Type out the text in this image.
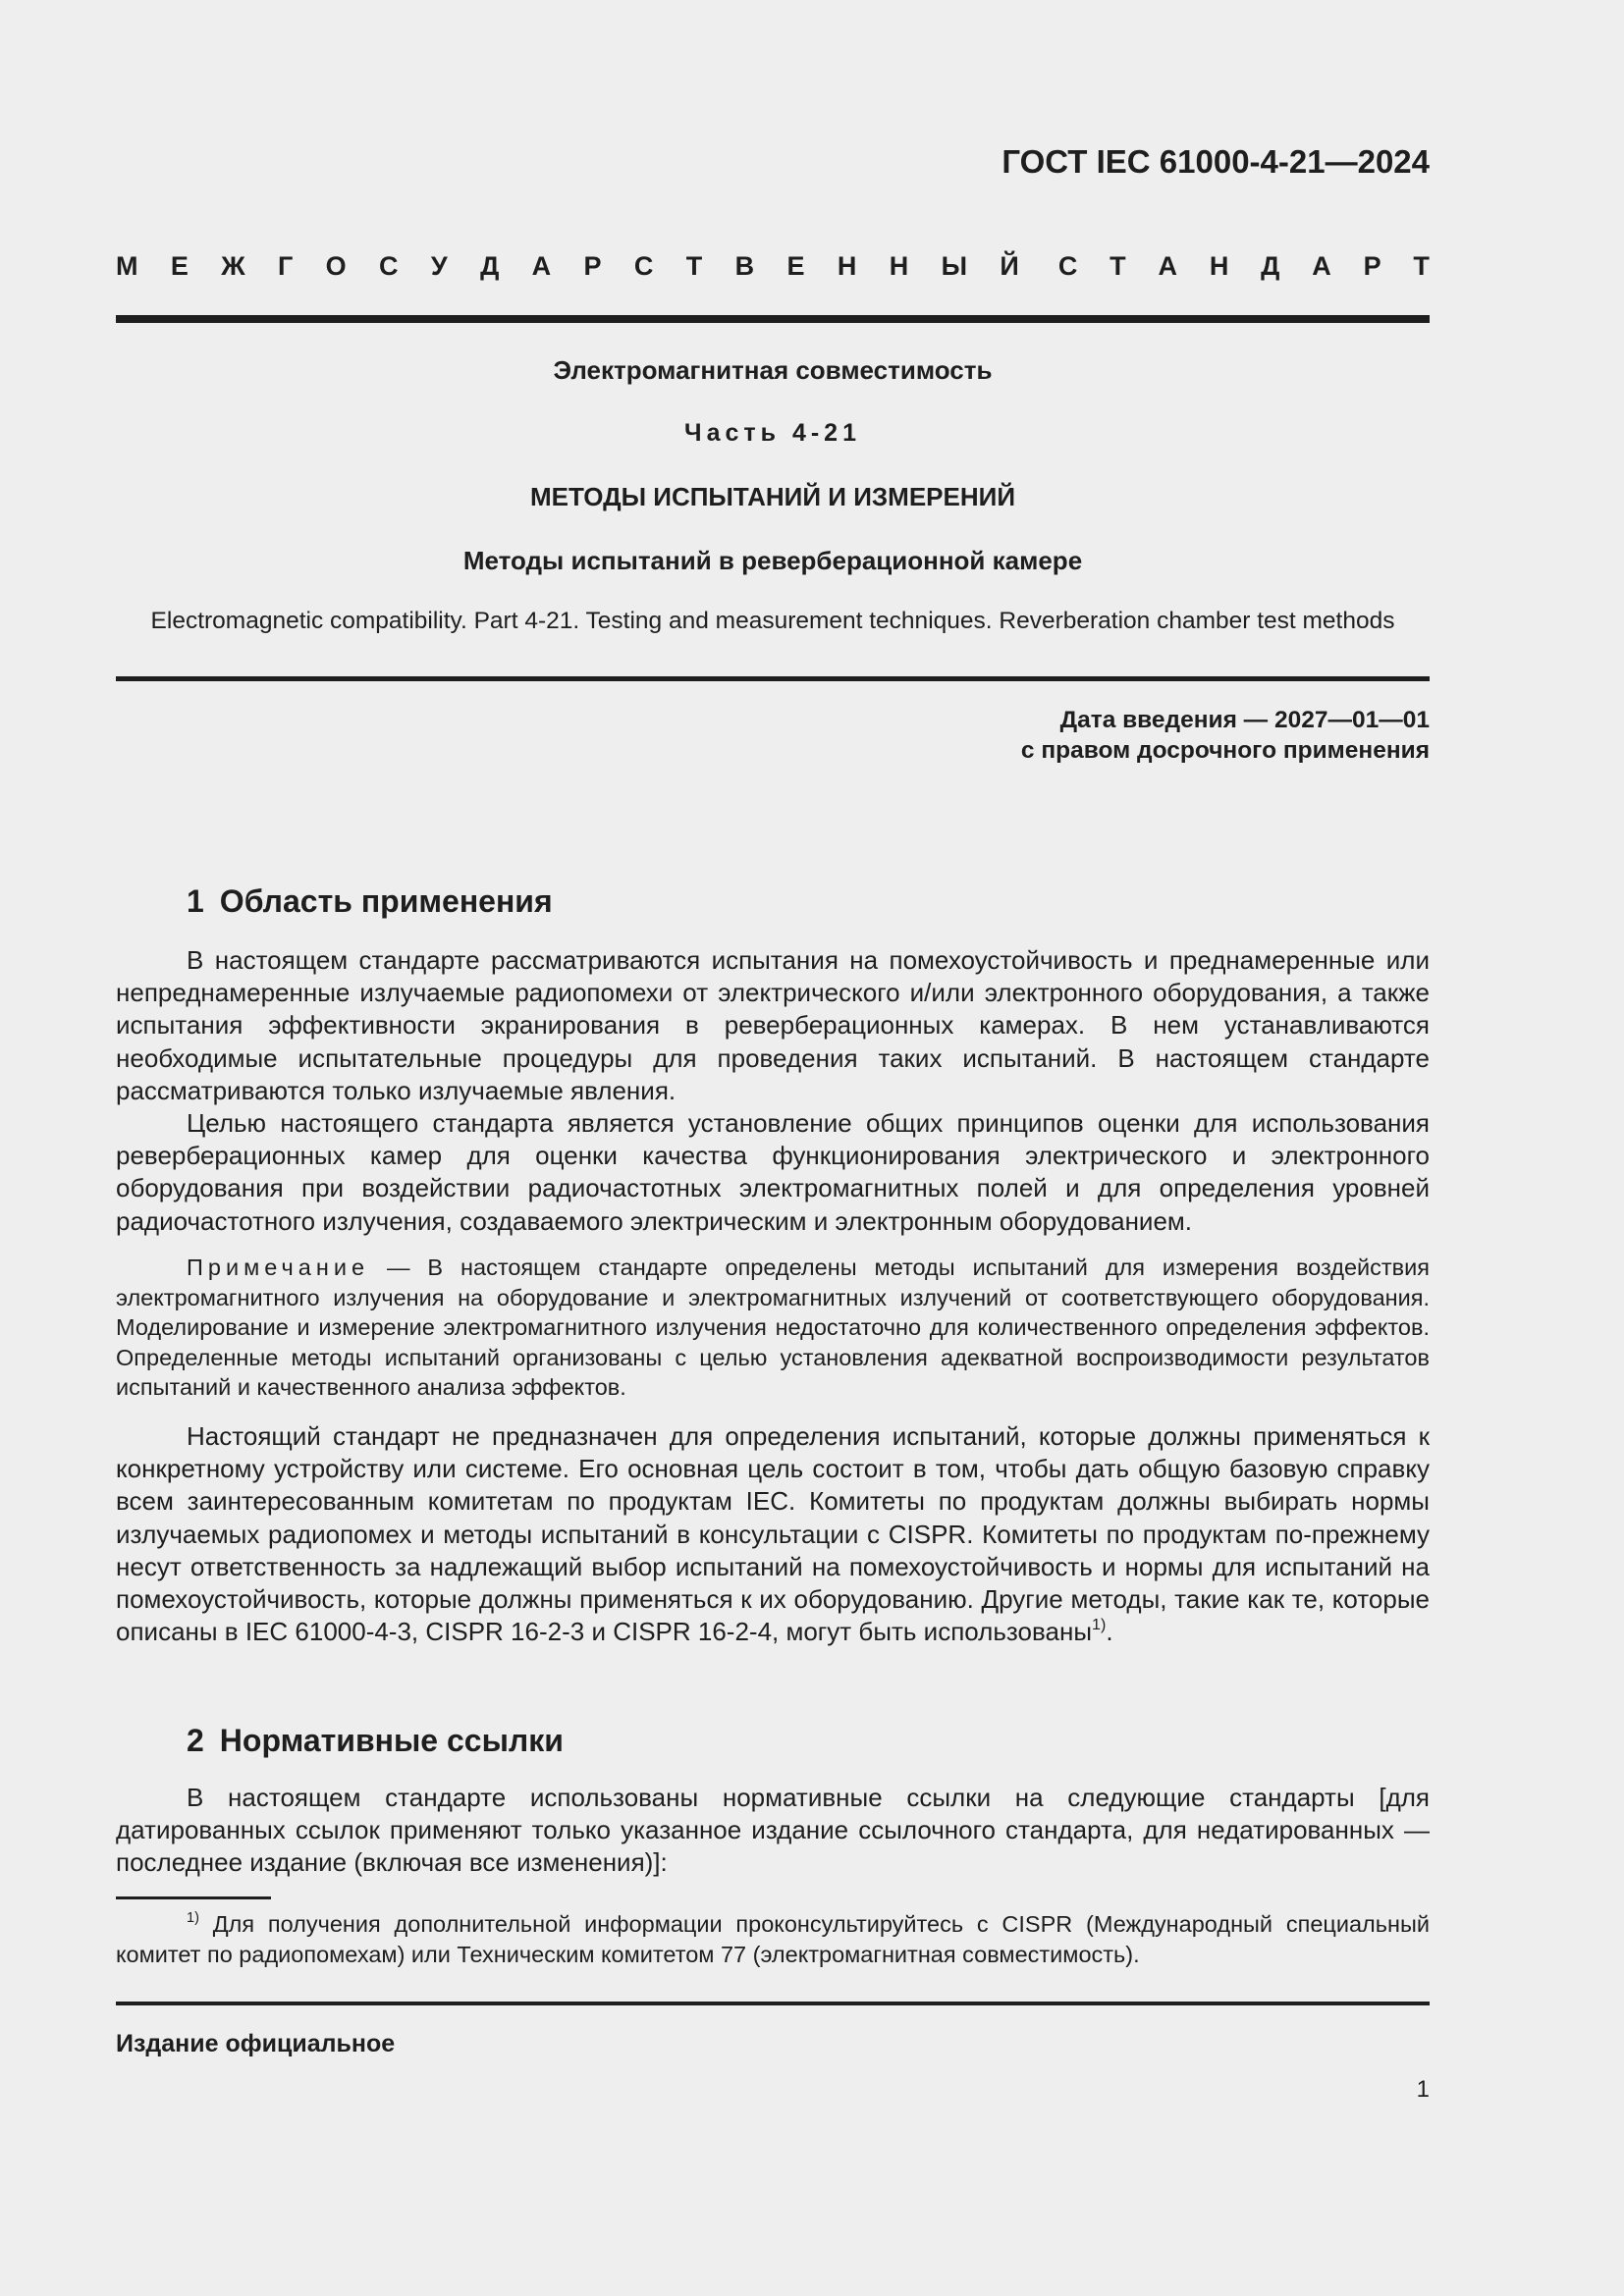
ГОСТ IEC 61000-4-21—2024
М Е Ж Г О С У Д А Р С Т В Е Н Н Ы Й С Т А Н Д А Р Т
Электромагнитная совместимость
Часть 4-21
МЕТОДЫ ИСПЫТАНИЙ И ИЗМЕРЕНИЙ
Методы испытаний в реверберационной камере
Electromagnetic compatibility. Part 4-21. Testing and measurement techniques. Reverberation chamber test methods
Дата введения — 2027—01—01
с правом досрочного применения
1 Область применения

В настоящем стандарте рассматриваются испытания на помехоустойчивость и преднамеренные или непреднамеренные излучаемые радиопомехи от электрического и/или электронного оборудования, а также испытания эффективности экранирования в реверберационных камерах. В нем устанавливаются необходимые испытательные процедуры для проведения таких испытаний. В настоящем стандарте рассматриваются только излучаемые явления.

Целью настоящего стандарта является установление общих принципов оценки для использования реверберационных камер для оценки качества функционирования электрического и электронного оборудования при воздействии радиочастотных электромагнитных полей и для определения уровней радиочастотного излучения, создаваемого электрическим и электронным оборудованием.

Примечание — В настоящем стандарте определены методы испытаний для измерения воздействия электромагнитного излучения на оборудование и электромагнитных излучений от соответствующего оборудования. Моделирование и измерение электромагнитного излучения недостаточно для количественного определения эффектов. Определенные методы испытаний организованы с целью установления адекватной воспроизводимости результатов испытаний и качественного анализа эффектов.

Настоящий стандарт не предназначен для определения испытаний, которые должны применяться к конкретному устройству или системе. Его основная цель состоит в том, чтобы дать общую базовую справку всем заинтересованным комитетам по продуктам IEC. Комитеты по продуктам должны выбирать нормы излучаемых радиопомех и методы испытаний в консультации с CISPR. Комитеты по продуктам по-прежнему несут ответственность за надлежащий выбор испытаний на помехоустойчивость и нормы для испытаний на помехоустойчивость, которые должны применяться к их оборудованию. Другие методы, такие как те, которые описаны в IEC 61000-4-3, CISPR 16-2-3 и CISPR 16-2-4, могут быть использованы$^{1)}$.

2 Нормативные ссылки

В настоящем стандарте использованы нормативные ссылки на следующие стандарты [для датированных ссылок применяют только указанное издание ссылочного стандарта, для недатированных — последнее издание (включая все изменения)]:

$^{1)}$ Для получения дополнительной информации проконсультируйтесь с CISPR (Международный специальный комитет по радиопомехам) или Техническим комитетом 77 (электромагнитная совместимость).

Издание официальное
1
